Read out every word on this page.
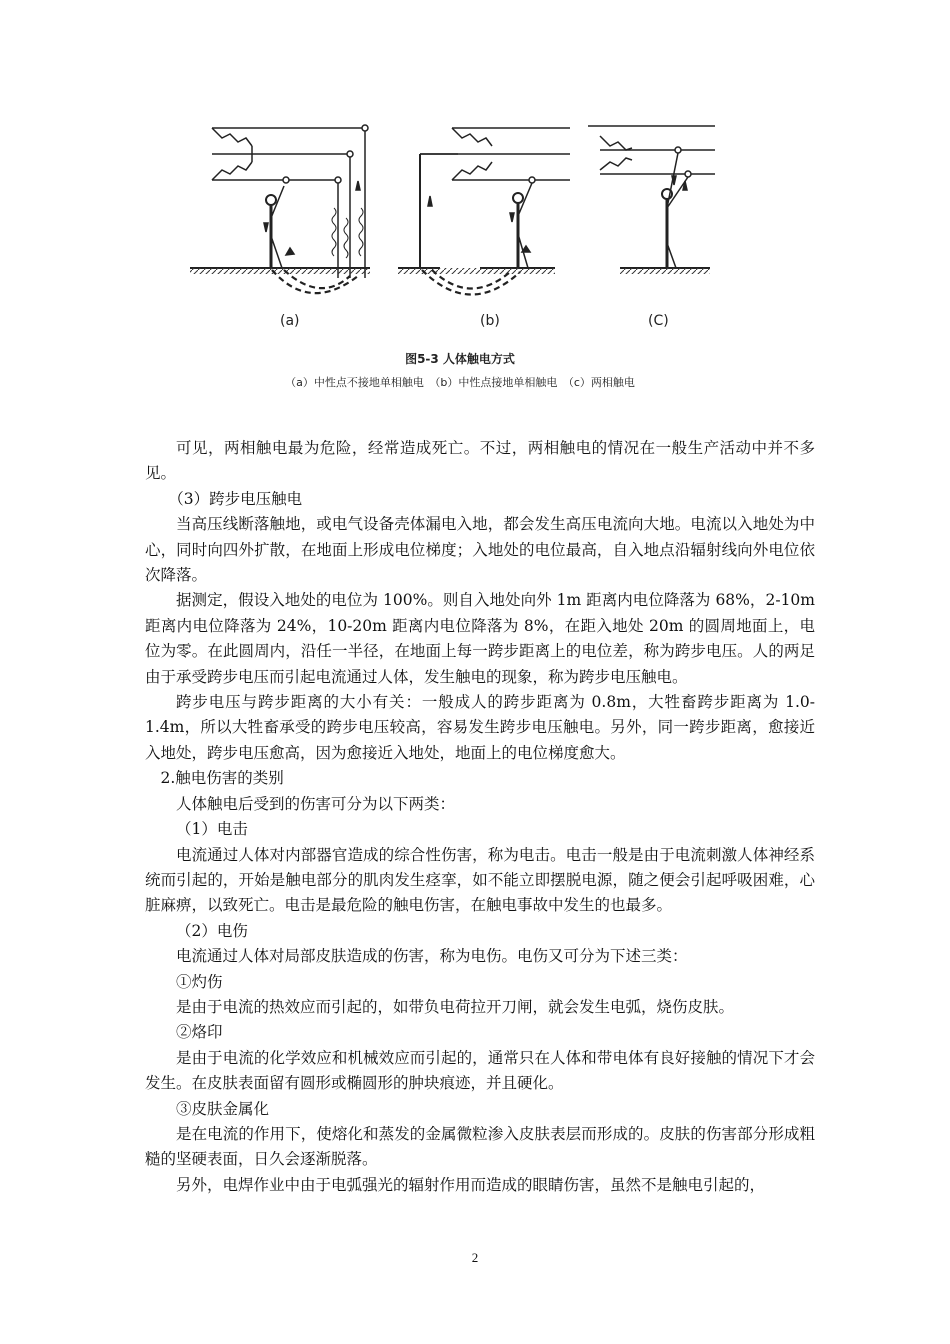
(a)	(b)	(C)
图5-3 人体触电方式
（a）中性点不接地单相触电　（b）中性点接地单相触电　（c）两相触电

可见，两相触电最为危险，经常造成死亡。不过，两相触电的情况在一般生产活动中并不多见。

（3）跨步电压触电

当高压线断落触地，或电气设备壳体漏电入地，都会发生高压电流向大地。电流以入地处为中心，同时向四外扩散，在地面上形成电位梯度；入地处的电位最高，自入地点沿辐射线向外电位依次降落。

据测定，假设入地处的电位为 100%。则自入地处向外 1m 距离内电位降落为 68%，2-10m 距离内电位降落为 24%，10-20m 距离内电位降落为 8%，在距入地处 20m 的圆周地面上，电位为零。在此圆周内，沿任一半径，在地面上每一跨步距离上的电位差，称为跨步电压。人的两足由于承受跨步电压而引起电流通过人体，发生触电的现象，称为跨步电压触电。

跨步电压与跨步距离的大小有关：一般成人的跨步距离为 0.8m，大牲畜跨步距离为 1.0-1.4m，所以大牲畜承受的跨步电压较高，容易发生跨步电压触电。另外，同一跨步距离，愈接近入地处，跨步电压愈高，因为愈接近入地处，地面上的电位梯度愈大。

2.触电伤害的类别

人体触电后受到的伤害可分为以下两类：

（1）电击

电流通过人体对内部器官造成的综合性伤害，称为电击。电击一般是由于电流刺激人体神经系统而引起的，开始是触电部分的肌肉发生痉挛，如不能立即摆脱电源，随之便会引起呼吸困难，心脏麻痹，以致死亡。电击是最危险的触电伤害，在触电事故中发生的也最多。

（2）电伤

电流通过人体对局部皮肤造成的伤害，称为电伤。电伤又可分为下述三类：

①灼伤

是由于电流的热效应而引起的，如带负电荷拉开刀闸，就会发生电弧，烧伤皮肤。

②烙印

是由于电流的化学效应和机械效应而引起的，通常只在人体和带电体有良好接触的情况下才会发生。在皮肤表面留有圆形或椭圆形的肿块痕迹，并且硬化。

③皮肤金属化

是在电流的作用下，使熔化和蒸发的金属微粒渗入皮肤表层而形成的。皮肤的伤害部分形成粗糙的坚硬表面，日久会逐渐脱落。

另外，电焊作业中由于电弧强光的辐射作用而造成的眼睛伤害，虽然不是触电引起的，

2
